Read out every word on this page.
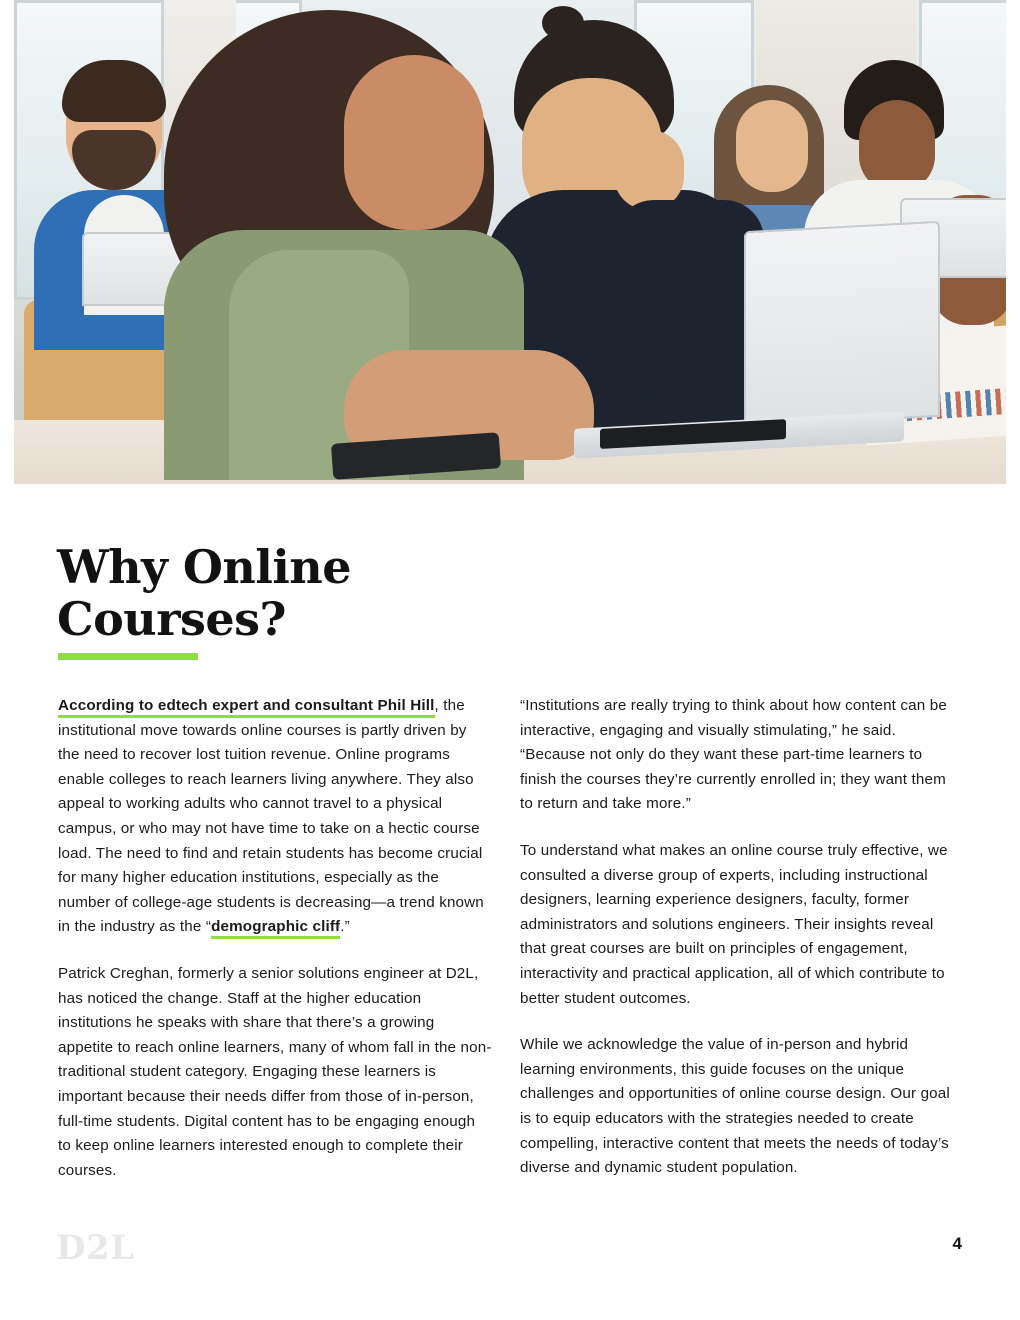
Why Online
Courses?

According to edtech expert and consultant Phil Hill, the institutional move towards online courses is partly driven by the need to recover lost tuition revenue. Online programs enable colleges to reach learners living anywhere. They also appeal to working adults who cannot travel to a physical campus, or who may not have time to take on a hectic course load. The need to find and retain students has become crucial for many higher education institutions, especially as the number of college-age students is decreasing—a trend known in the industry as the “demographic cliff.”

Patrick Creghan, formerly a senior solutions engineer at D2L, has noticed the change. Staff at the higher education institutions he speaks with share that there’s a growing appetite to reach online learners, many of whom fall in the non-traditional student category. Engaging these learners is important because their needs differ from those of in-person, full-time students. Digital content has to be engaging enough to keep online learners interested enough to complete their courses.

“Institutions are really trying to think about how content can be interactive, engaging and visually stimulating,” he said. “Because not only do they want these part-time learners to finish the courses they’re currently enrolled in; they want them to return and take more.”

To understand what makes an online course truly effective, we consulted a diverse group of experts, including instructional designers, learning experience designers, faculty, former administrators and solutions engineers. Their insights reveal that great courses are built on principles of engagement, interactivity and practical application, all of which contribute to better student outcomes.

While we acknowledge the value of in-person and hybrid learning environments, this guide focuses on the unique challenges and opportunities of online course design. Our goal is to equip educators with the strategies needed to create compelling, interactive content that meets the needs of today’s diverse and dynamic student population.

D2L	4
